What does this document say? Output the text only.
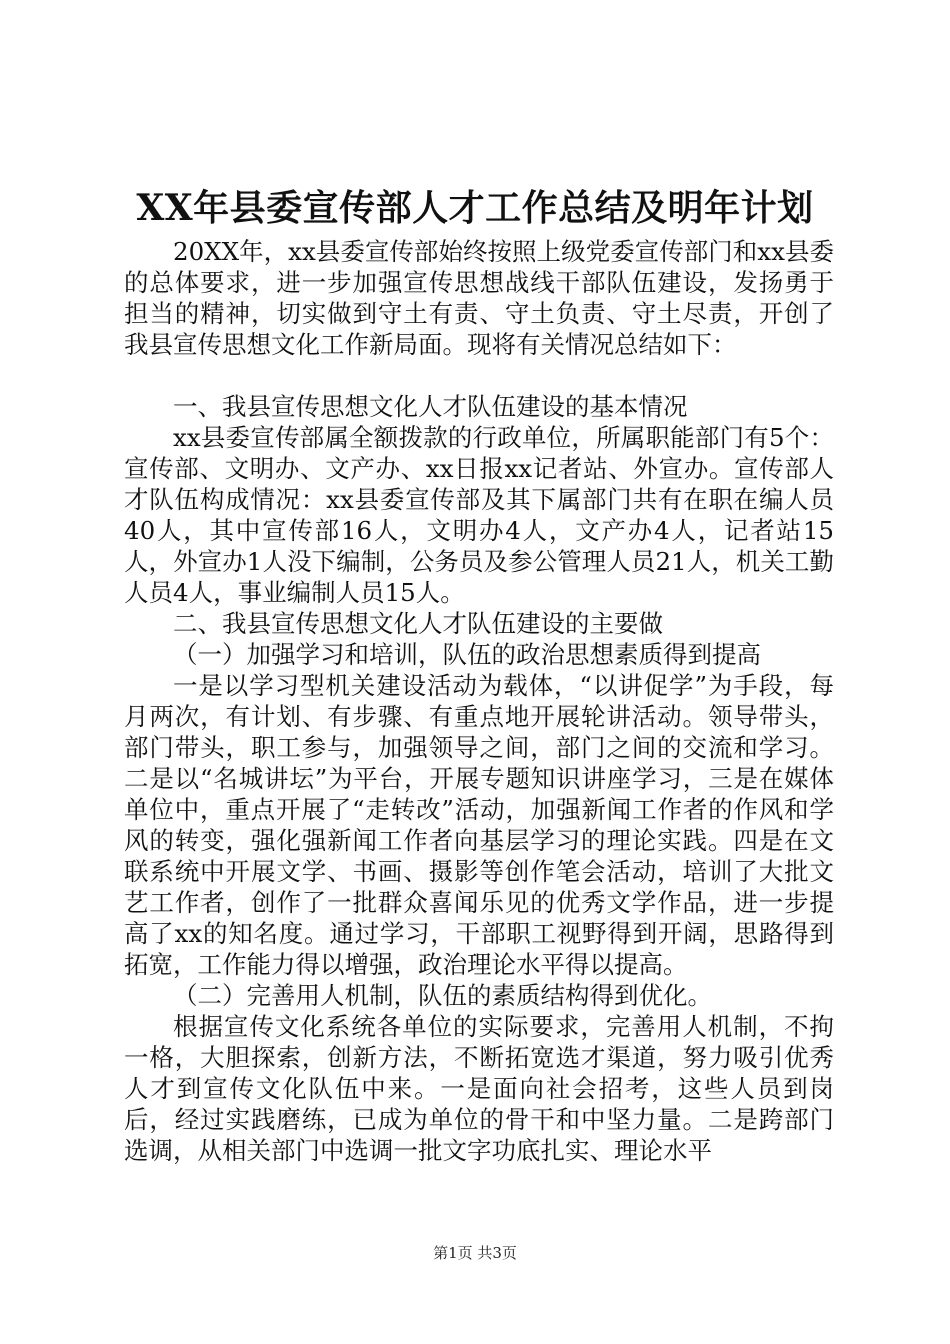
XX年县委宣传部人才工作总结及明年计划

20XX年，xx县委宣传部始终按照上级党委宣传部门和xx县委的总体要求，进一步加强宣传思想战线干部队伍建设，发扬勇于担当的精神，切实做到守土有责、守土负责、守土尽责，开创了我县宣传思想文化工作新局面。现将有关情况总结如下：

一、我县宣传思想文化人才队伍建设的基本情况

xx县委宣传部属全额拨款的行政单位，所属职能部门有5个：宣传部、文明办、文产办、xx日报xx记者站、外宣办。宣传部人才队伍构成情况：xx县委宣传部及其下属部门共有在职在编人员40人，其中宣传部16人，文明办4人，文产办4人，记者站15人，外宣办1人没下编制，公务员及参公管理人员21人，机关工勤人员4人，事业编制人员15人。

二、我县宣传思想文化人才队伍建设的主要做

（一）加强学习和培训，队伍的政治思想素质得到提高

一是以学习型机关建设活动为载体，“以讲促学”为手段，每月两次，有计划、有步骤、有重点地开展轮讲活动。领导带头，部门带头，职工参与，加强领导之间，部门之间的交流和学习。二是以“名城讲坛”为平台，开展专题知识讲座学习，三是在媒体单位中，重点开展了“走转改”活动，加强新闻工作者的作风和学风的转变，强化强新闻工作者向基层学习的理论实践。四是在文联系统中开展文学、书画、摄影等创作笔会活动，培训了大批文艺工作者，创作了一批群众喜闻乐见的优秀文学作品，进一步提高了xx的知名度。通过学习，干部职工视野得到开阔，思路得到拓宽，工作能力得以增强，政治理论水平得以提高。

（二）完善用人机制，队伍的素质结构得到优化。

根据宣传文化系统各单位的实际要求，完善用人机制，不拘一格，大胆探索，创新方法，不断拓宽选才渠道，努力吸引优秀人才到宣传文化队伍中来。一是面向社会招考，这些人员到岗后，经过实践磨练，已成为单位的骨干和中坚力量。二是跨部门选调，从相关部门中选调一批文字功底扎实、理论水平

第1页 共3页
